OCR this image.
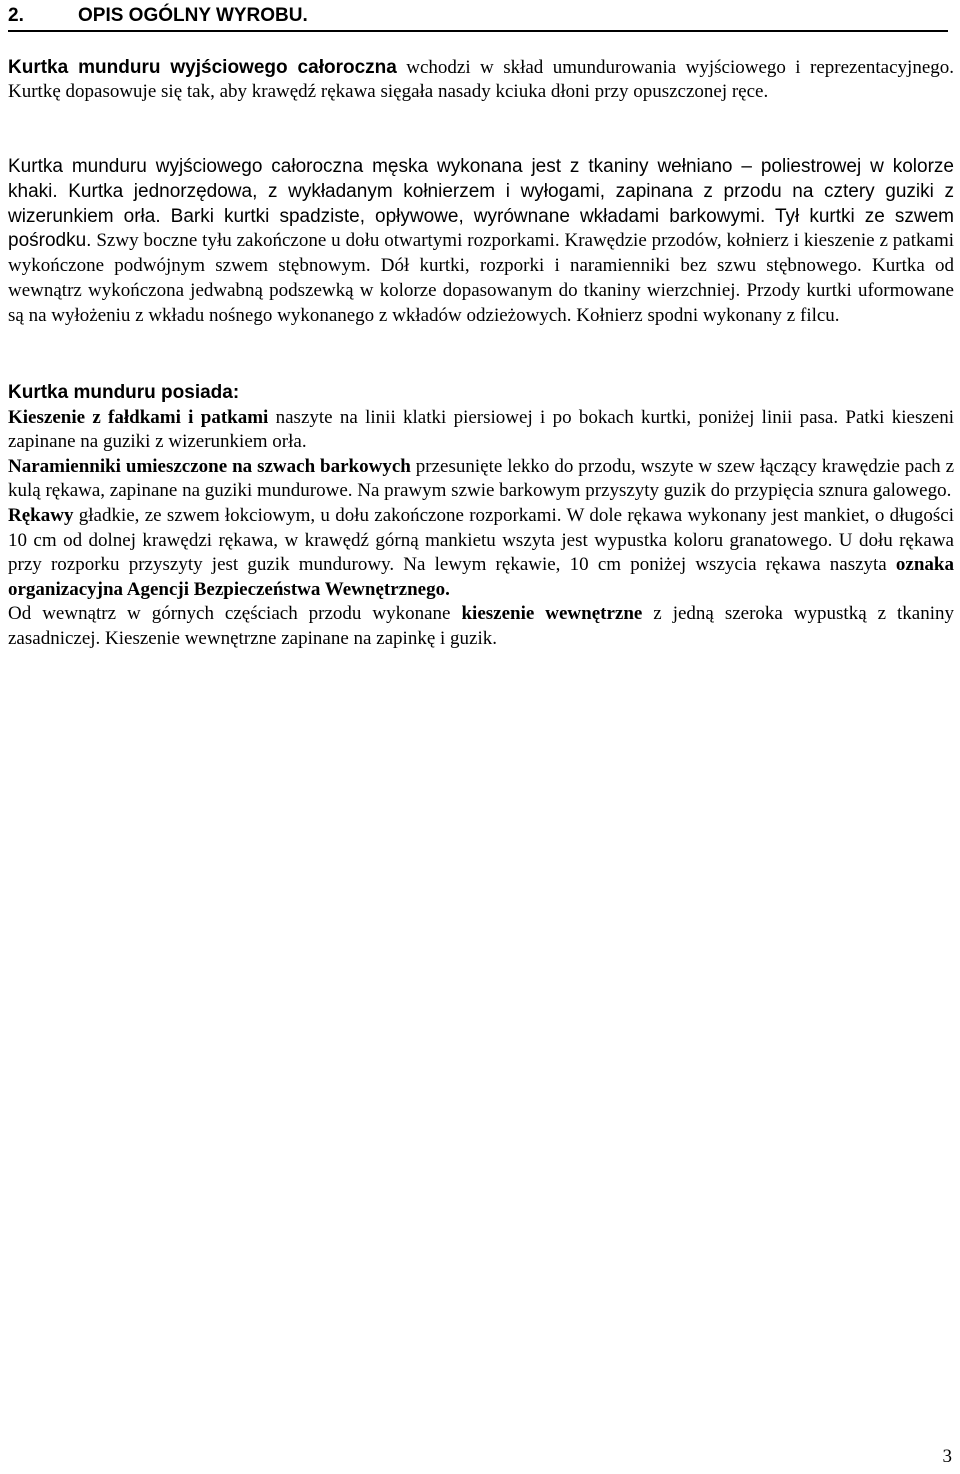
2.	OPIS OGÓLNY WYROBU.

Kurtka munduru wyjściowego całoroczna wchodzi w skład umundurowania wyjściowego i reprezentacyjnego. Kurtkę dopasowuje się tak, aby krawędź rękawa sięgała nasady kciuka dłoni przy opuszczonej ręce.

Kurtka munduru wyjściowego całoroczna męska wykonana jest z tkaniny wełniano – poliestrowej w kolorze khaki. Kurtka jednorzędowa, z wykładanym kołnierzem i wyłogami, zapinana z przodu na cztery guziki z wizerunkiem orła. Barki kurtki spadziste, opływowe, wyrównane wkładami barkowymi. Tył kurtki ze szwem pośrodku. Szwy boczne tyłu zakończone u dołu otwartymi rozporkami. Krawędzie przodów, kołnierz i kieszenie z patkami wykończone podwójnym szwem stębnowym. Dół kurtki, rozporki i naramienniki bez szwu stębnowego. Kurtka od wewnątrz wykończona jedwabną podszewką w kolorze dopasowanym do tkaniny wierzchniej. Przody kurtki uformowane są na wyłożeniu z wkładu nośnego wykonanego z wkładów odzieżowych. Kołnierz spodni wykonany z filcu.

Kurtka munduru posiada:

Kieszenie z fałdkami i patkami naszyte na linii klatki piersiowej i po bokach kurtki, poniżej linii pasa. Patki kieszeni zapinane na guziki z wizerunkiem orła.

Naramienniki umieszczone na szwach barkowych przesunięte lekko do przodu, wszyte w szew łączący krawędzie pach z kulą rękawa, zapinane na guziki mundurowe. Na prawym szwie barkowym przyszyty guzik do przypięcia sznura galowego.

Rękawy gładkie, ze szwem łokciowym, u dołu zakończone rozporkami. W dole rękawa wykonany jest mankiet, o długości 10 cm od dolnej krawędzi rękawa, w krawędź górną mankietu wszyta jest wypustka koloru granatowego. U dołu rękawa przy rozporku przyszyty jest guzik mundurowy. Na lewym rękawie, 10 cm poniżej wszycia rękawa naszyta oznaka organizacyjna Agencji Bezpieczeństwa Wewnętrznego.

Od wewnątrz w górnych częściach przodu wykonane kieszenie wewnętrzne z jedną szeroka wypustką z tkaniny zasadniczej. Kieszenie wewnętrzne zapinane na zapinkę i guzik.

3
